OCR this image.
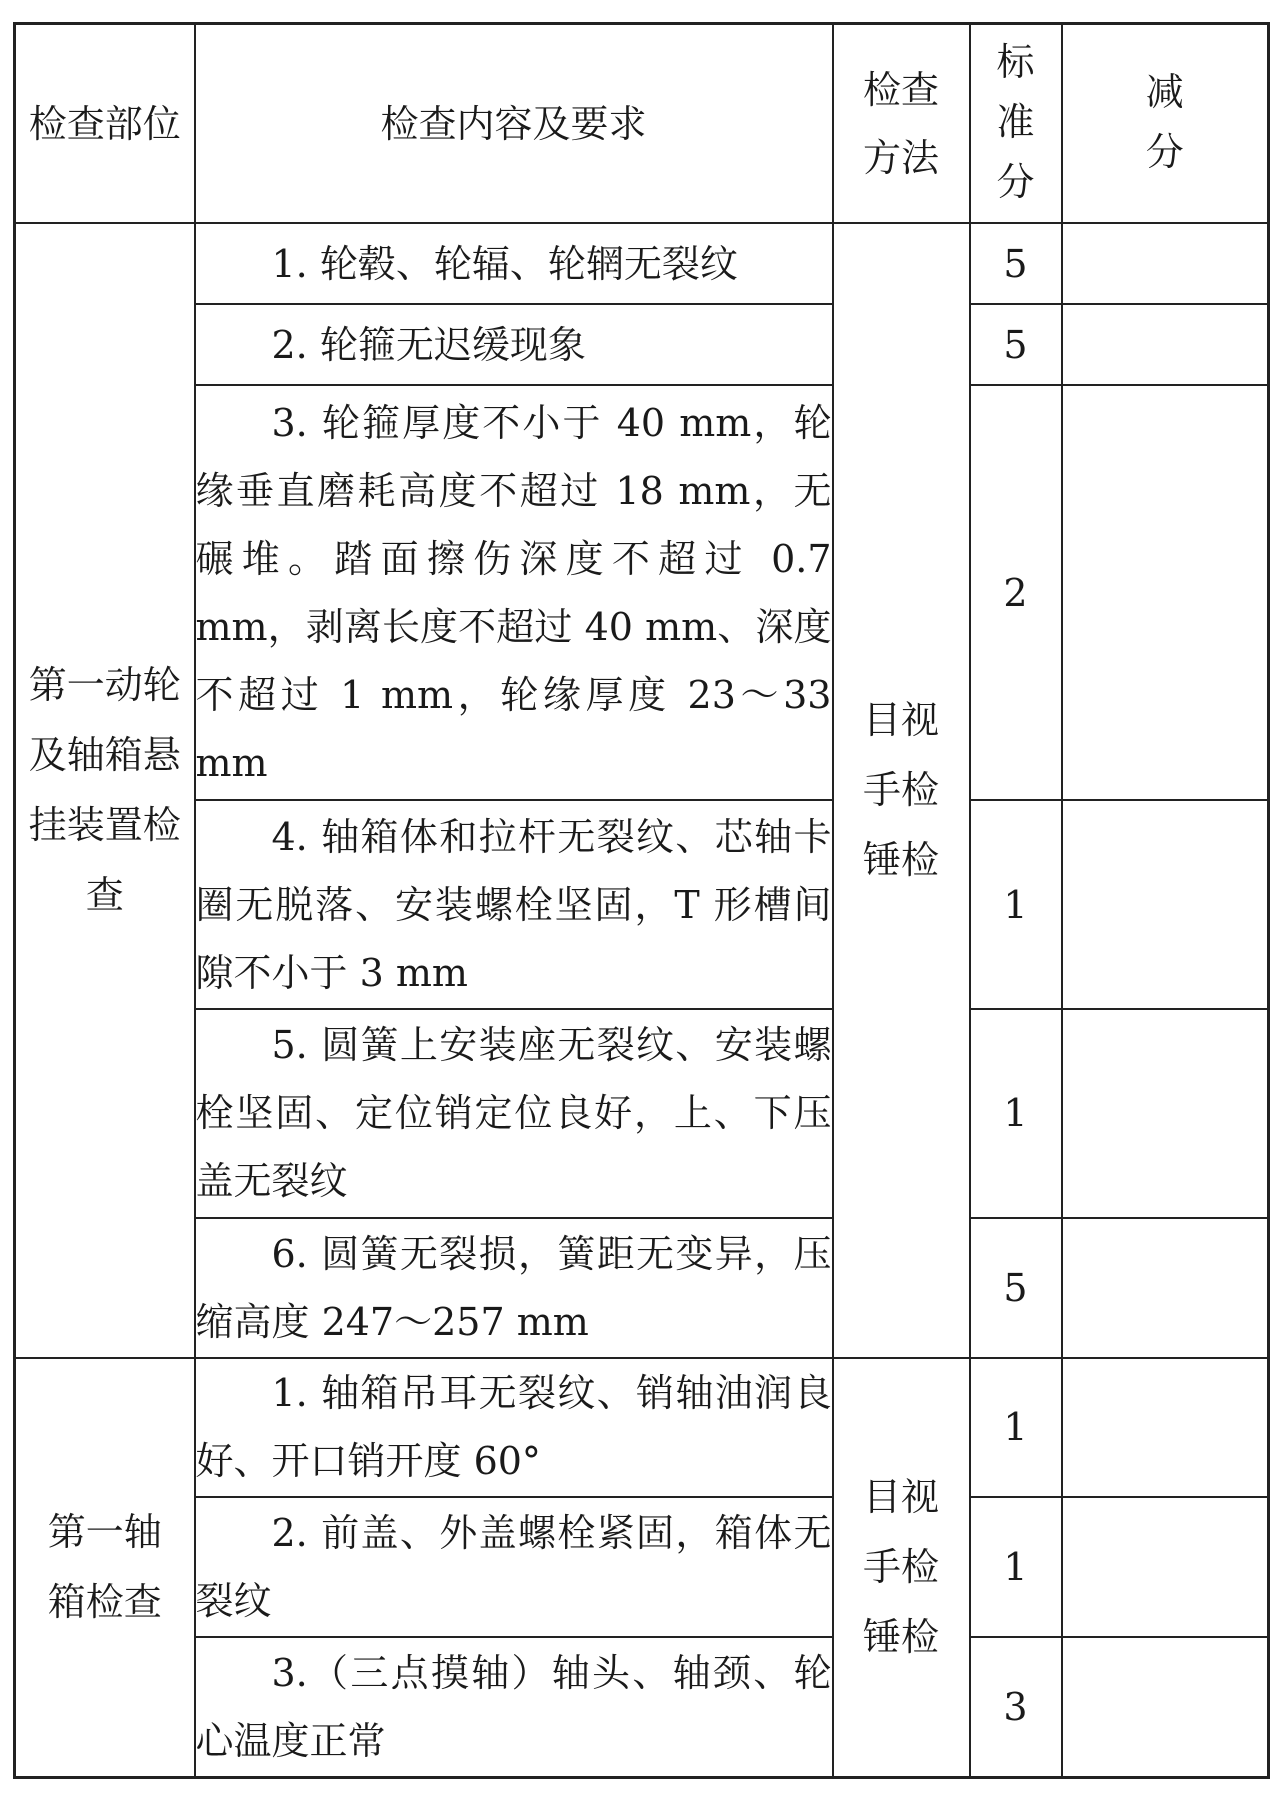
检查部位	检查内容及要求	检查方法	标准分	减分
第一动轮及轴箱悬挂装置检查	1. 轮毂、轮辐、轮辋无裂纹	目视手检锤检	5	
	2. 轮箍无迟缓现象		5	
	3. 轮箍厚度不小于 40 mm，轮缘垂直磨耗高度不超过 18 mm，无碾堆。踏面擦伤深度不超过 0.7 mm，剥离长度不超过 40 mm、深度不超过 1 mm，轮缘厚度 23～33 mm		2	
	4. 轴箱体和拉杆无裂纹、芯轴卡圈无脱落、安装螺栓坚固，T 形槽间隙不小于 3 mm		1	
	5. 圆簧上安装座无裂纹、安装螺栓坚固、定位销定位良好，上、下压盖无裂纹		1	
	6. 圆簧无裂损，簧距无变异，压缩高度 247～257 mm		5	
第一轴箱检查	1. 轴箱吊耳无裂纹、销轴油润良好、开口销开度 60°	目视手检锤检	1	
	2. 前盖、外盖螺栓紧固，箱体无裂纹		1	
	3.（三点摸轴）轴头、轴颈、轮心温度正常		3	
